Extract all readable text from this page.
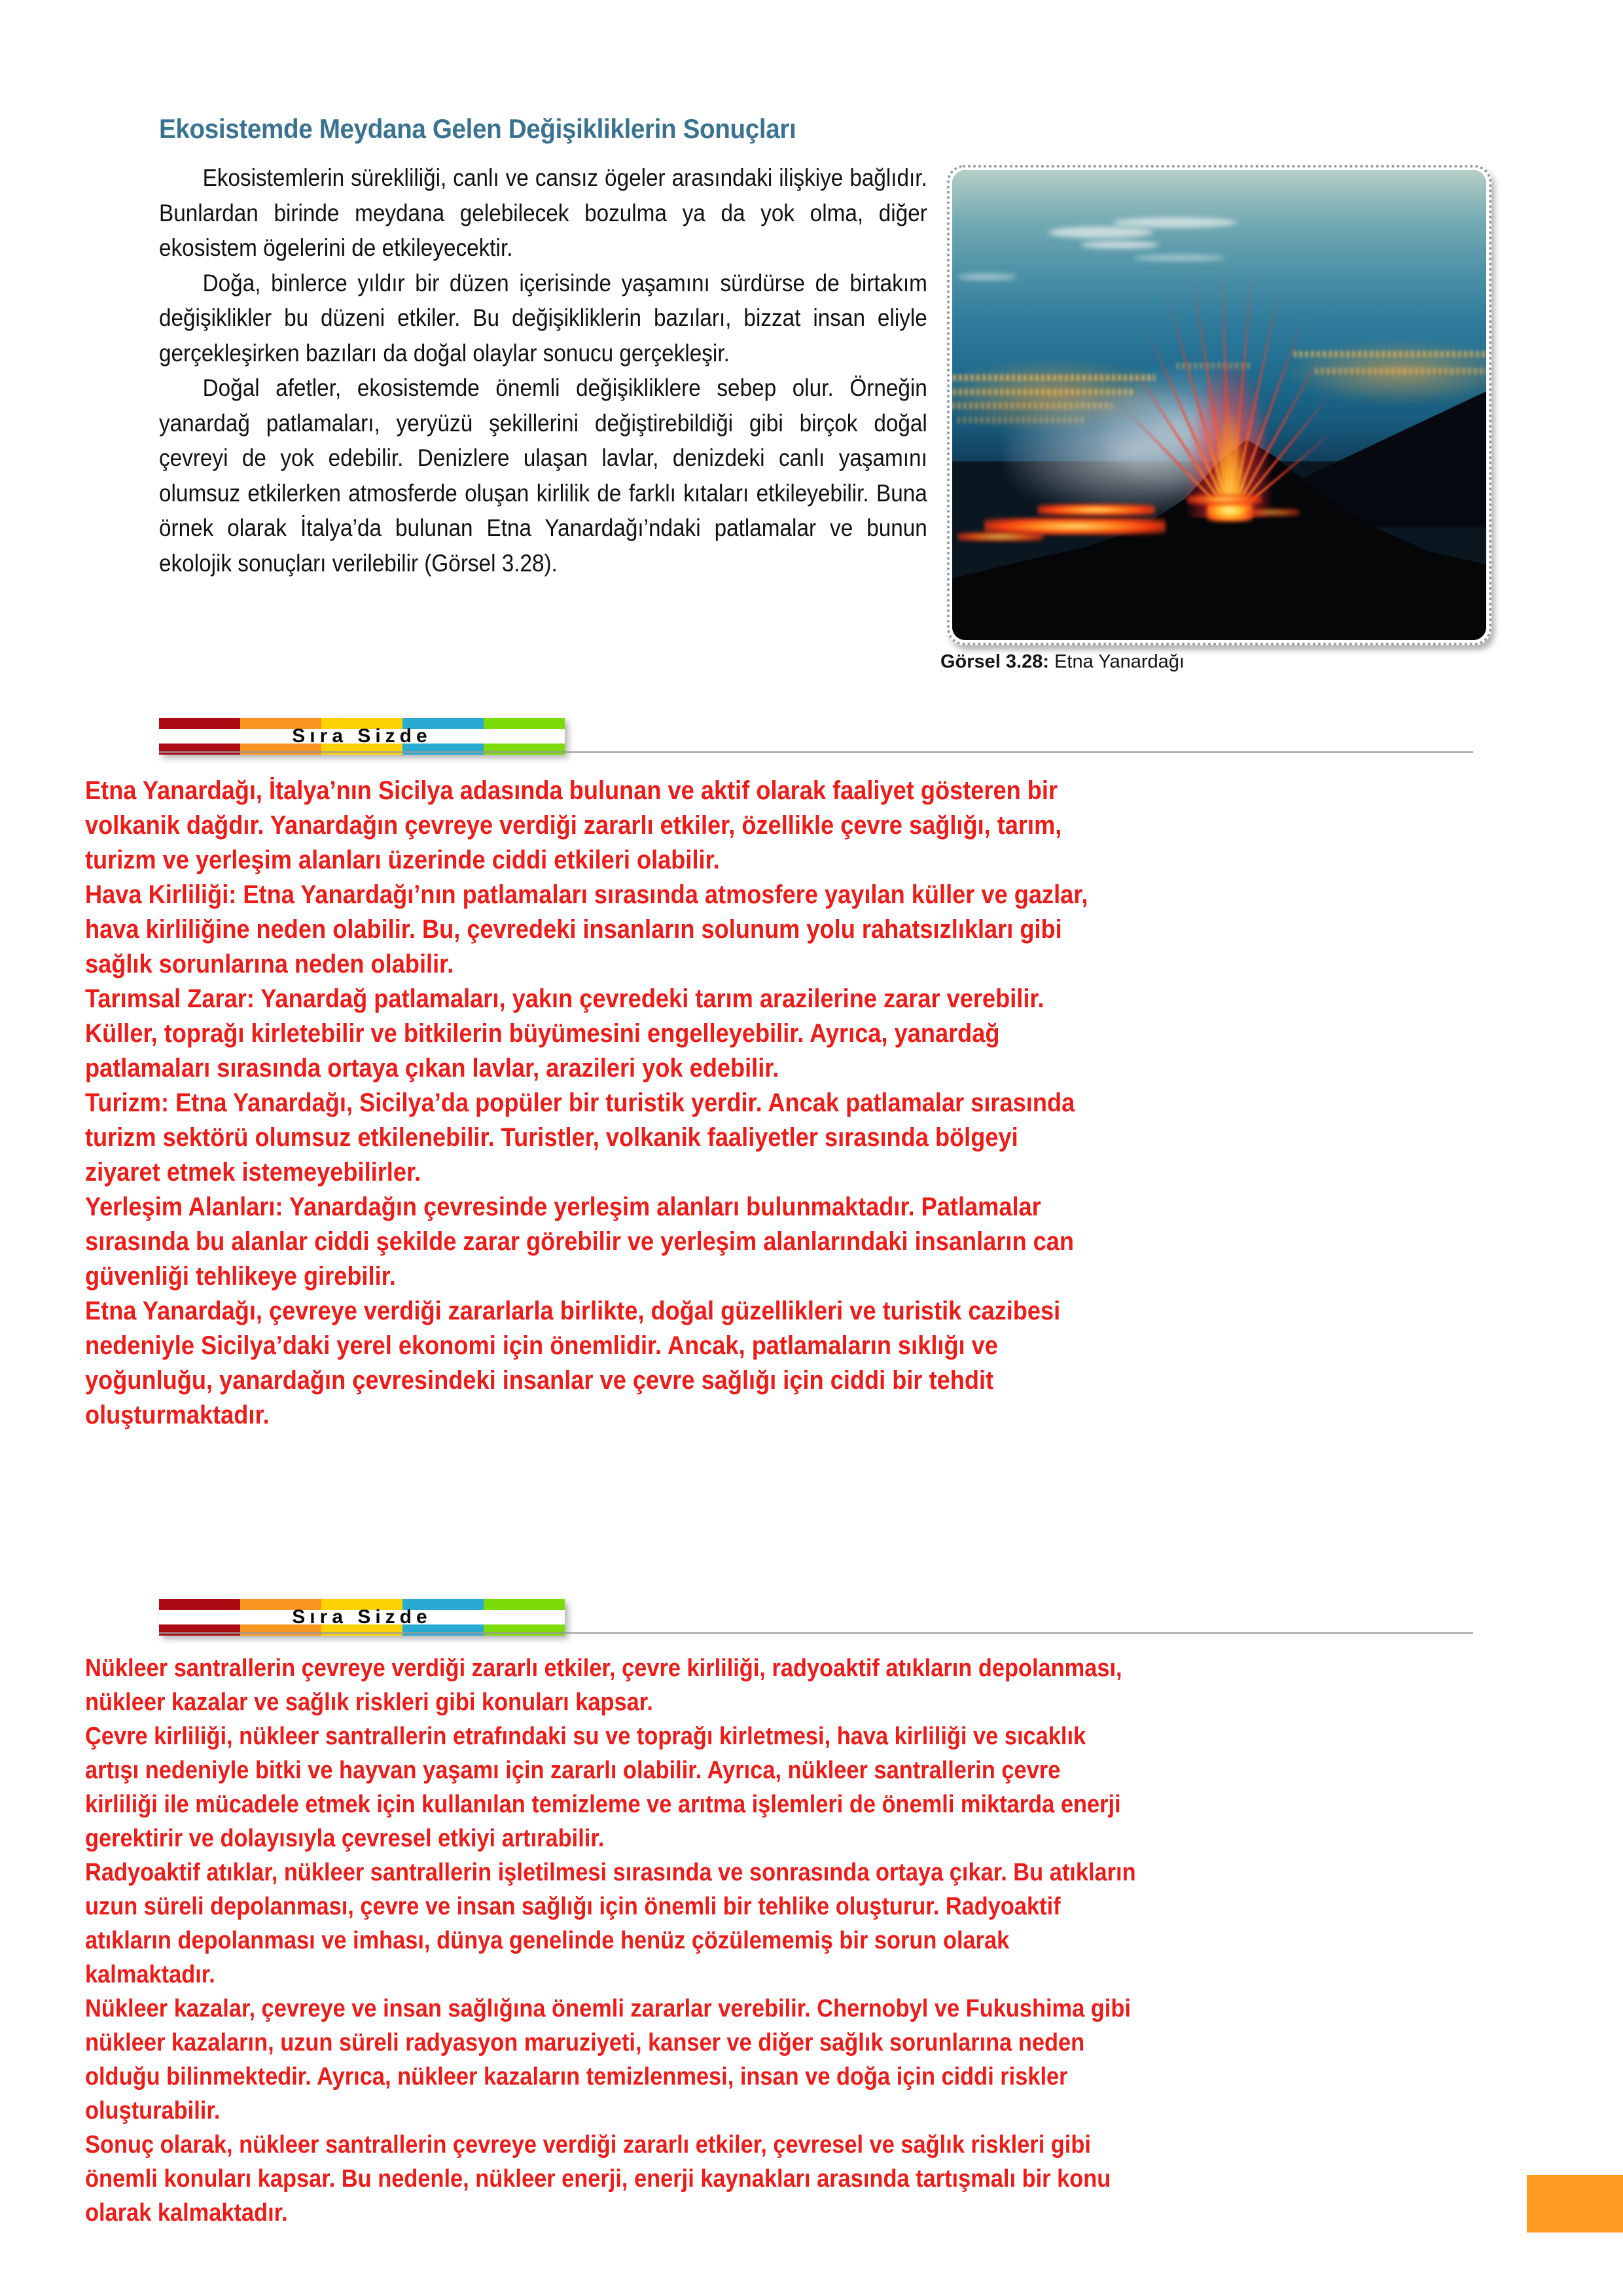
Ekosistemde Meydana Gelen Değişikliklerin Sonuçları

Ekosistemlerin sürekliliği, canlı ve cansız ögeler arasındaki ilişkiye bağlıdır. Bunlardan birinde meydana gelebilecek bozulma ya da yok olma, diğer ekosistem ögelerini de etkileyecektir.

Doğa, binlerce yıldır bir düzen içerisinde yaşamını sürdürse de birtakım değişiklikler bu düzeni etkiler. Bu değişikliklerin bazıları, bizzat insan eliyle gerçekleşirken bazıları da doğal olaylar sonucu gerçekleşir.

Doğal afetler, ekosistemde önemli değişikliklere sebep olur. Örneğin yanardağ patlamaları, yeryüzü şekillerini değiştirebildiği gibi birçok doğal çevreyi de yok edebilir. Denizlere ulaşan lavlar, denizdeki canlı yaşamını olumsuz etkilerken atmosferde oluşan kirlilik de farklı kıtaları etkileyebilir. Buna örnek olarak İtalya’da bulunan Etna Yanardağı’ndaki patlamalar ve bunun ekolojik sonuçları verilebilir (Görsel 3.28).

Görsel 3.28: Etna Yanardağı
Sıra Sizde

Etna Yanardağı, İtalya’nın Sicilya adasında bulunan ve aktif olarak faaliyet gösteren bir

volkanik dağdır. Yanardağın çevreye verdiği zararlı etkiler, özellikle çevre sağlığı, tarım,

turizm ve yerleşim alanları üzerinde ciddi etkileri olabilir.

Hava Kirliliği: Etna Yanardağı’nın patlamaları sırasında atmosfere yayılan küller ve gazlar,

hava kirliliğine neden olabilir. Bu, çevredeki insanların solunum yolu rahatsızlıkları gibi

sağlık sorunlarına neden olabilir.

Tarımsal Zarar: Yanardağ patlamaları, yakın çevredeki tarım arazilerine zarar verebilir.

Küller, toprağı kirletebilir ve bitkilerin büyümesini engelleyebilir. Ayrıca, yanardağ

patlamaları sırasında ortaya çıkan lavlar, arazileri yok edebilir.

Turizm: Etna Yanardağı, Sicilya’da popüler bir turistik yerdir. Ancak patlamalar sırasında

turizm sektörü olumsuz etkilenebilir. Turistler, volkanik faaliyetler sırasında bölgeyi

ziyaret etmek istemeyebilirler.

Yerleşim Alanları: Yanardağın çevresinde yerleşim alanları bulunmaktadır. Patlamalar

sırasında bu alanlar ciddi şekilde zarar görebilir ve yerleşim alanlarındaki insanların can

güvenliği tehlikeye girebilir.

Etna Yanardağı, çevreye verdiği zararlarla birlikte, doğal güzellikleri ve turistik cazibesi

nedeniyle Sicilya’daki yerel ekonomi için önemlidir. Ancak, patlamaların sıklığı ve

yoğunluğu, yanardağın çevresindeki insanlar ve çevre sağlığı için ciddi bir tehdit

oluşturmaktadır.

Sıra Sizde

Nükleer santrallerin çevreye verdiği zararlı etkiler, çevre kirliliği, radyoaktif atıkların depolanması,

nükleer kazalar ve sağlık riskleri gibi konuları kapsar.

Çevre kirliliği, nükleer santrallerin etrafındaki su ve toprağı kirletmesi, hava kirliliği ve sıcaklık

artışı nedeniyle bitki ve hayvan yaşamı için zararlı olabilir. Ayrıca, nükleer santrallerin çevre

kirliliği ile mücadele etmek için kullanılan temizleme ve arıtma işlemleri de önemli miktarda enerji

gerektirir ve dolayısıyla çevresel etkiyi artırabilir.

Radyoaktif atıklar, nükleer santrallerin işletilmesi sırasında ve sonrasında ortaya çıkar. Bu atıkların

uzun süreli depolanması, çevre ve insan sağlığı için önemli bir tehlike oluşturur. Radyoaktif

atıkların depolanması ve imhası, dünya genelinde henüz çözülememiş bir sorun olarak

kalmaktadır.

Nükleer kazalar, çevreye ve insan sağlığına önemli zararlar verebilir. Chernobyl ve Fukushima gibi

nükleer kazaların, uzun süreli radyasyon maruziyeti, kanser ve diğer sağlık sorunlarına neden

olduğu bilinmektedir. Ayrıca, nükleer kazaların temizlenmesi, insan ve doğa için ciddi riskler

oluşturabilir.

Sonuç olarak, nükleer santrallerin çevreye verdiği zararlı etkiler, çevresel ve sağlık riskleri gibi

önemli konuları kapsar. Bu nedenle, nükleer enerji, enerji kaynakları arasında tartışmalı bir konu

olarak kalmaktadır.
